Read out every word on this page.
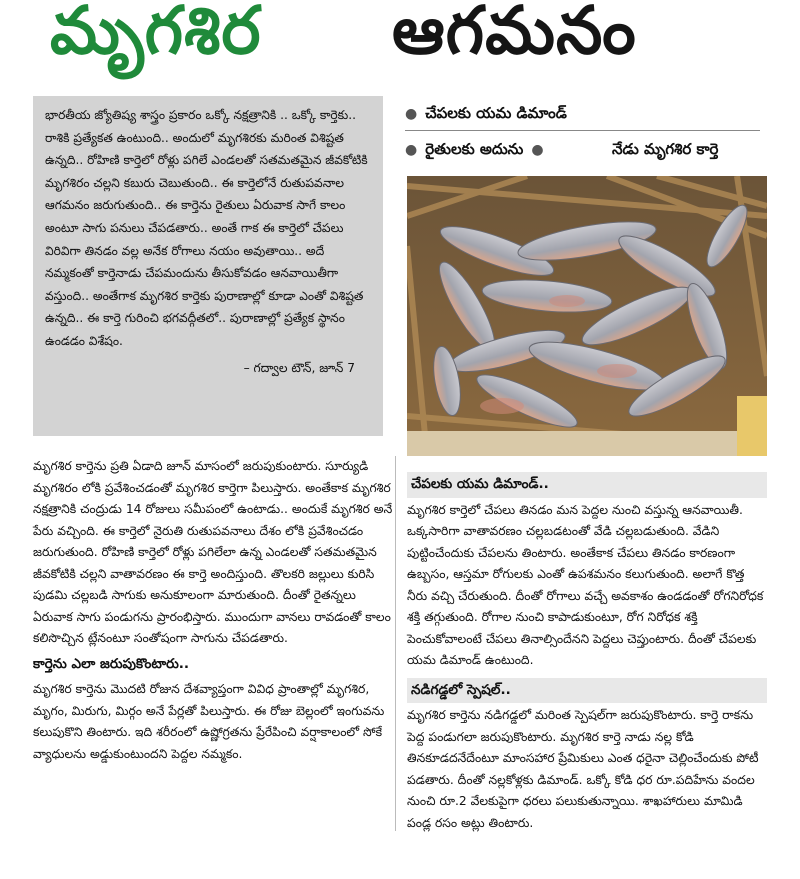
మృగశిర ఆగమనం

భారతీయ జ్యోతిష్య శాస్త్రం ప్రకారం ఒక్కో నక్షత్రానికి .. ఒక్కో కార్తెకు.. రాశికి ప్రత్యేకత ఉంటుంది.. అందులో మృగశిరకు మరింత విశిష్టత ఉన్నది.. రోహిణి కార్తెలో రోళ్లు పగిలే ఎండలతో సతమతమైన జీవకోటికి మృగశిరం చల్లని కబురు చెబుతుంది.. ఈ కార్తెలోనే రుతుపవనాల ఆగమనం జరుగుతుంది.. ఈ కార్తెను రైతులు ఏరువాక సాగే కాలం అంటూ సాగు పనులు చేపడతారు.. అంతే గాక ఈ కార్తెలో చేపలు విరివిగా తినడం వల్ల అనేక రోగాలు నయం అవుతాయి.. అదే నమ్మకంతో కార్తెనాడు చేపమందును తీసుకోవడం ఆనవాయితీగా వస్తుంది.. అంతేగాక మృగశిర కార్తెకు పురాణాల్లో కూడా ఎంతో విశిష్టత ఉన్నది.. ఈ కార్తె గురించి భగవద్గీతలో.. పురాణాల్లో ప్రత్యేక స్థానం ఉండడం విశేషం.

– గద్వాల టౌన్‌, జూన్‌ 7

● చేపలకు యమ డిమాండ్‌
● రైతులకు అదును ●	నేడు మృగశిర కార్తె

మృగశిర కార్తెను ప్రతి ఏడాది జూన్‌ మాసంలో జరుపుకుంటారు. సూర్యుడి మృగశిరం లోకి ప్రవేశించడంతో మృగశిర కార్తెగా పిలుస్తారు. అంతేకాక మృగశిర నక్షత్రానికి చంద్రుడు 14 రోజులు సమీపంలో ఉంటాడు.. అందుకే మృగశిర అనే పేరు వచ్చింది. ఈ కార్తెలో నైరుతి రుతుపవనాలు దేశం లోకి ప్రవేశించడం జరుగుతుంది. రోహిణి కార్తెలో రోళ్లు పగిలేలా ఉన్న ఎండలతో సతమతమైన జీవకోటికి చల్లని వాతావరణం ఈ కార్తె అందిస్తుంది. తొలకరి జల్లులు కురిసి పుడమి చల్లబడి సాగుకు అనుకూలంగా మారుతుంది. దీంతో రైతన్నలు ఏరువాక సాగు పండుగను ప్రారంభిస్తారు. ముందుగా వానలు రావడంతో కాలం కలిసొచ్చిన ట్లేనంటూ సంతోషంగా సాగును చేపడతారు.

కార్తెను ఎలా జరుపుకొంటారు..

మృగశిర కార్తెను మొదటి రోజున దేశవ్యాప్తంగా వివిధ ప్రాంతాల్లో మృగశిర, మృగం, మిరుగు, మిర్గం అనే పేర్లతో పిలుస్తారు. ఈ రోజు బెల్లంలో ఇంగువను కలుపుకొని తింటారు. ఇది శరీరంలో ఉష్ణోగ్రతను ప్రేరేపించి వర్షాకాలంలో సోకే వ్యాధులను అడ్డుకుంటుందని పెద్దల నమ్మకం.

చేపలకు యమ డిమాండ్‌..

మృగశిర కార్తెలో చేపలు తినడం మన పెద్దల నుంచి వస్తున్న ఆనవాయితీ. ఒక్కసారిగా వాతావరణం చల్లబడటంతో వేడి చల్లబడుతుంది. వేడిని పుట్టించేందుకు చేపలను తింటారు. అంతేకాక చేపలు తినడం కారణంగా ఉబ్బసం, ఆస్తమా రోగులకు ఎంతో ఉపశమనం కలుగుతుంది. అలాగే కొత్త నీరు వచ్చి చేరుతుంది. దీంతో రోగాలు వచ్చే అవకాశం ఉండడంతో రోగనిరోధక శక్తి తగ్గుతుంది. రోగాల నుంచి కాపాడుకుంటూ, రోగ నిరోధక శక్తి పెంచుకోవాలంటే చేపలు తినాల్సిందేనని పెద్దలు చెప్తుంటారు. దీంతో చేపలకు యమ డిమాండ్‌ ఉంటుంది.

నడిగడ్డలో స్పెషల్‌..

మృగశిర కార్తెను నడిగడ్డలో మరింత స్పెషల్‌గా జరుపుకొంటారు. కార్తె రాకను పెద్ద పండుగలా జరుపుకొంటారు. మృగశిర కార్తె నాడు నల్ల కోడి తినకూడదనేదేంటూ మాంసహార ప్రేమికులు ఎంత ధరైనా చెల్లించేందుకు పోటీ పడతారు. దీంతో నల్లకోళ్లకు డిమాండ్‌. ఒక్కో కోడి ధర రూ.పదిహేను వందల నుంచి రూ.2 వేలకుపైగా ధరలు పలుకుతున్నాయి. శాఖహారులు మామిడి పండ్ల రసం అట్లు తింటారు.
